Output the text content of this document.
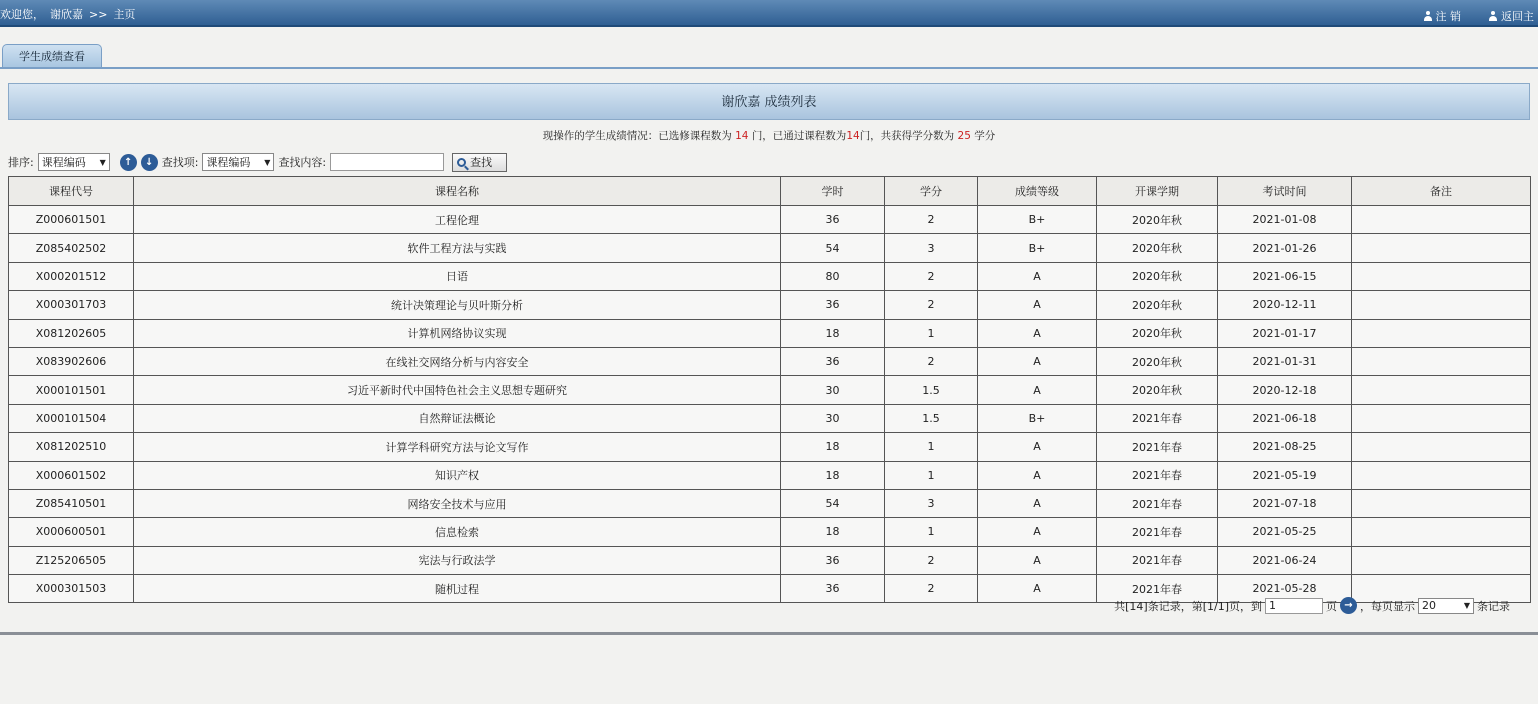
欢迎您， 谢欣嘉 >> 主页	注 销	返回主
学生成绩查看
谢欣嘉 成绩列表
现操作的学生成绩情况：已选修课程数为 14 门，已通过课程数为14门，共获得学分数为 25 学分
排序: 课程编码 ▼ ↑ ↓ 查找项: 课程编码 ▼ 查找内容:	查找
课程代号	课程名称	学时	学分	成绩等级	开课学期	考试时间	备注
Z000601501	工程伦理	36	2	B+	2020年秋	2021-01-08	
Z085402502	软件工程方法与实践	54	3	B+	2020年秋	2021-01-26	
X000201512	日语	80	2	A	2020年秋	2021-06-15	
X000301703	统计决策理论与贝叶斯分析	36	2	A	2020年秋	2020-12-11	
X081202605	计算机网络协议实现	18	1	A	2020年秋	2021-01-17	
X083902606	在线社交网络分析与内容安全	36	2	A	2020年秋	2021-01-31	
X000101501	习近平新时代中国特色社会主义思想专题研究	30	1.5	A	2020年秋	2020-12-18	
X000101504	自然辩证法概论	30	1.5	B+	2021年春	2021-06-18	
X081202510	计算学科研究方法与论文写作	18	1	A	2021年春	2021-08-25	
X000601502	知识产权	18	1	A	2021年春	2021-05-19	
Z085410501	网络安全技术与应用	54	3	A	2021年春	2021-07-18	
X000600501	信息检索	18	1	A	2021年春	2021-05-25	
Z125206505	宪法与行政法学	36	2	A	2021年春	2021-06-24	
X000301503	随机过程	36	2	A	2021年春	2021-05-28	
共[14]条记录，第[1/1]页，到 1	页 → ，每页显示 20	▼ 条记录
